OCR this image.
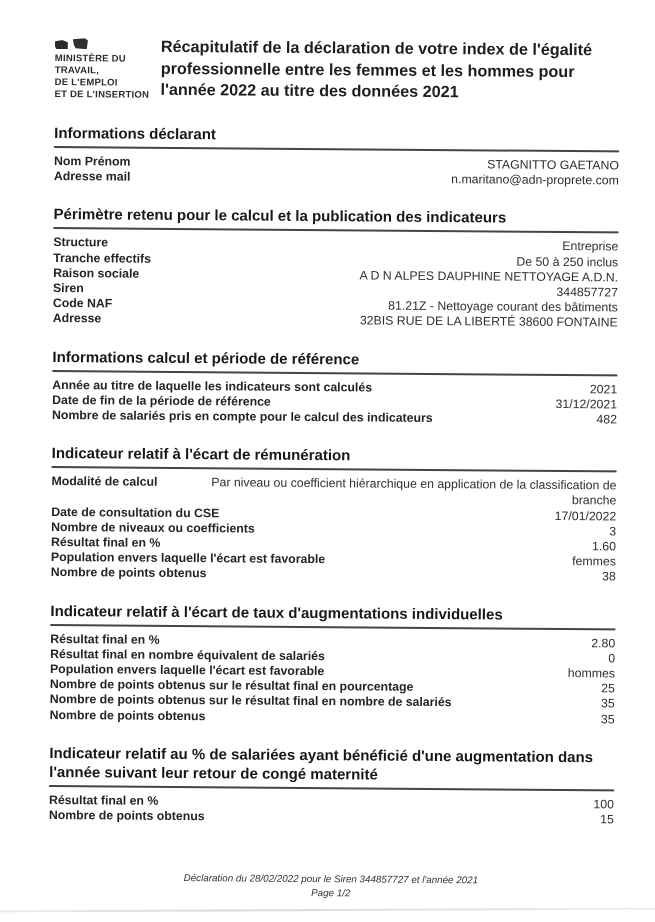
MINISTÈRE DU
TRAVAIL,
DE L'EMPLOI
ET DE L'INSERTION
Récapitulatif de la déclaration de votre index de l'égalité
professionnelle entre les femmes et les hommes pour
l'année 2022 au titre des données 2021
Informations déclarant
Nom Prénom	STAGNITTO GAETANO
Adresse mail	n.maritano@adn-proprete.com
Périmètre retenu pour le calcul et la publication des indicateurs
Structure	Entreprise
Tranche effectifs	De 50 à 250 inclus
Raison sociale	A D N ALPES DAUPHINE NETTOYAGE A.D.N.
Siren	344857727
Code NAF	81.21Z - Nettoyage courant des bâtiments
Adresse	32BIS RUE DE LA LIBERTÉ 38600 FONTAINE
Informations calcul et période de référence
Année au titre de laquelle les indicateurs sont calculés	2021
Date de fin de la période de référence	31/12/2021
Nombre de salariés pris en compte pour le calcul des indicateurs	482
Indicateur relatif à l'écart de rémunération
Modalité de calcul	Par niveau ou coefficient hiérarchique en application de la classification de branche
Date de consultation du CSE	17/01/2022
Nombre de niveaux ou coefficients	3
Résultat final en %	1.60
Population envers laquelle l'écart est favorable	femmes
Nombre de points obtenus	38
Indicateur relatif à l'écart de taux d'augmentations individuelles
Résultat final en %	2.80
Résultat final en nombre équivalent de salariés	0
Population envers laquelle l'écart est favorable	hommes
Nombre de points obtenus sur le résultat final en pourcentage	25
Nombre de points obtenus sur le résultat final en nombre de salariés	35
Nombre de points obtenus	35
Indicateur relatif au % de salariées ayant bénéficié d'une augmentation dans l'année suivant leur retour de congé maternité
Résultat final en %	100
Nombre de points obtenus	15
Déclaration du 28/02/2022 pour le Siren 344857727 et l'année 2021
Page 1/2
